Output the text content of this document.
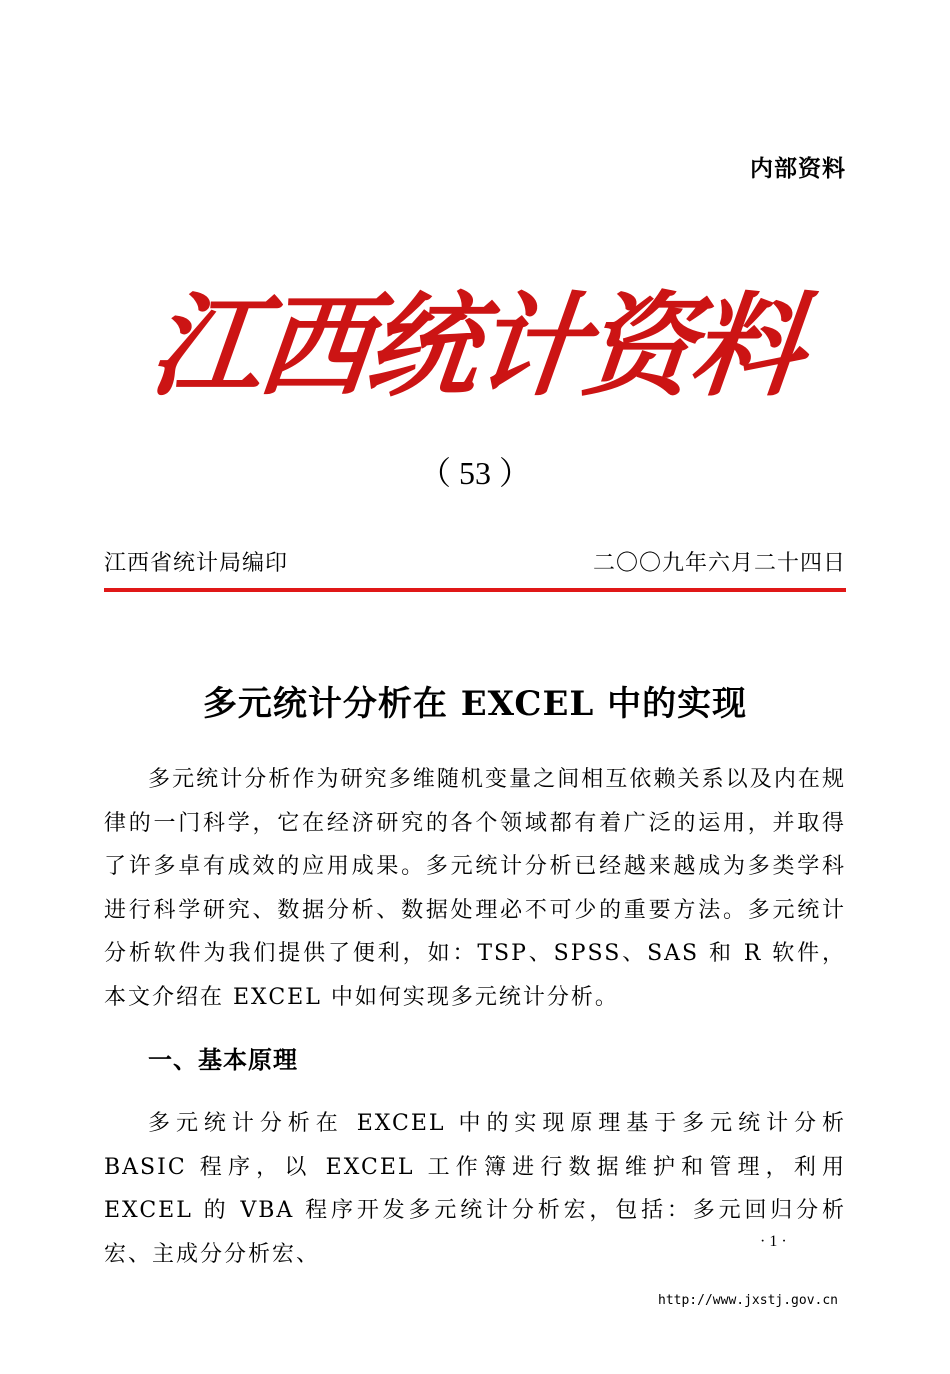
内部资料
江西统计资料
（ 53 ）
江西省统计局编印	二〇〇九年六月二十四日
多元统计分析在 EXCEL 中的实现
多元统计分析作为研究多维随机变量之间相互依赖关系以及内在规律的一门科学，它在经济研究的各个领域都有着广泛的运用，并取得了许多卓有成效的应用成果。多元统计分析已经越来越成为多类学科进行科学研究、数据分析、数据处理必不可少的重要方法。多元统计分析软件为我们提供了便利，如：TSP、SPSS、SAS 和 R 软件，本文介绍在 EXCEL 中如何实现多元统计分析。
一、基本原理
多元统计分析在 EXCEL 中的实现原理基于多元统计分析 BASIC 程序，以 EXCEL 工作簿进行数据维护和管理，利用 EXCEL 的 VBA 程序开发多元统计分析宏，包括：多元回归分析宏、主成分分析宏、	· 1 ·
http://www.jxstj.gov.cn
